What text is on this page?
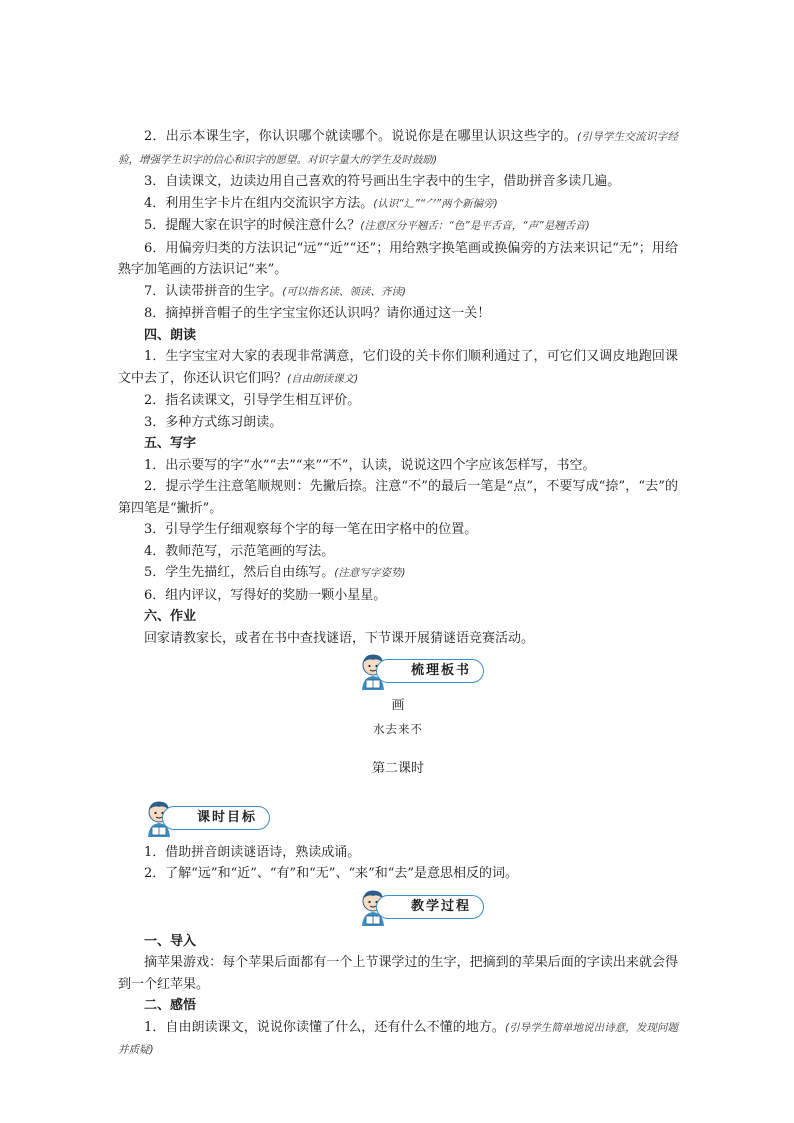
2．出示本课生字，你认识哪个就读哪个。说说你是在哪里认识这些字的。(引导学生交流识字经验，增强学生识字的信心和识字的愿望。对识字量大的学生及时鼓励)

3．自读课文，边读边用自己喜欢的符号画出生字表中的生字，借助拼音多读几遍。

4．利用生字卡片在组内交流识字方法。(认识“辶”“⺈”两个新偏旁)

5．提醒大家在识字的时候注意什么？(注意区分平翘舌：“色”是平舌音，“声”是翘舌音)

6．用偏旁归类的方法识记“远”“近”“还”；用给熟字换笔画或换偏旁的方法来识记“无”；用给熟字加笔画的方法识记“来”。

7．认读带拼音的生字。(可以指名读、领读、齐读)

8．摘掉拼音帽子的生字宝宝你还认识吗？请你通过这一关！

四、朗读

1．生字宝宝对大家的表现非常满意，它们设的关卡你们顺利通过了，可它们又调皮地跑回课文中去了，你还认识它们吗？(自由朗读课文)

2．指名读课文，引导学生相互评价。

3．多种方式练习朗读。

五、写字

1．出示要写的字“水”“去”“来”“不”，认读，说说这四个字应该怎样写，书空。

2．提示学生注意笔顺规则：先撇后捺。注意“不”的最后一笔是“点”，不要写成“捺”，“去”的第四笔是“撇折”。

3．引导学生仔细观察每个字的每一笔在田字格中的位置。

4．教师范写，示范笔画的写法。

5．学生先描红，然后自由练写。(注意写字姿势)

6．组内评议，写得好的奖励一颗小星星。

六、作业

回家请教家长，或者在书中查找谜语，下节课开展猜谜语竞赛活动。

梳理板书

画

水去来不

第二课时

课时目标

1．借助拼音朗读谜语诗，熟读成诵。

2．了解“远”和“近”、“有”和“无”、“来”和“去”是意思相反的词。

教学过程

一、导入

摘苹果游戏：每个苹果后面都有一个上节课学过的生字，把摘到的苹果后面的字读出来就会得到一个红苹果。

二、感悟

1．自由朗读课文，说说你读懂了什么，还有什么不懂的地方。(引导学生简单地说出诗意，发现问题并质疑)
